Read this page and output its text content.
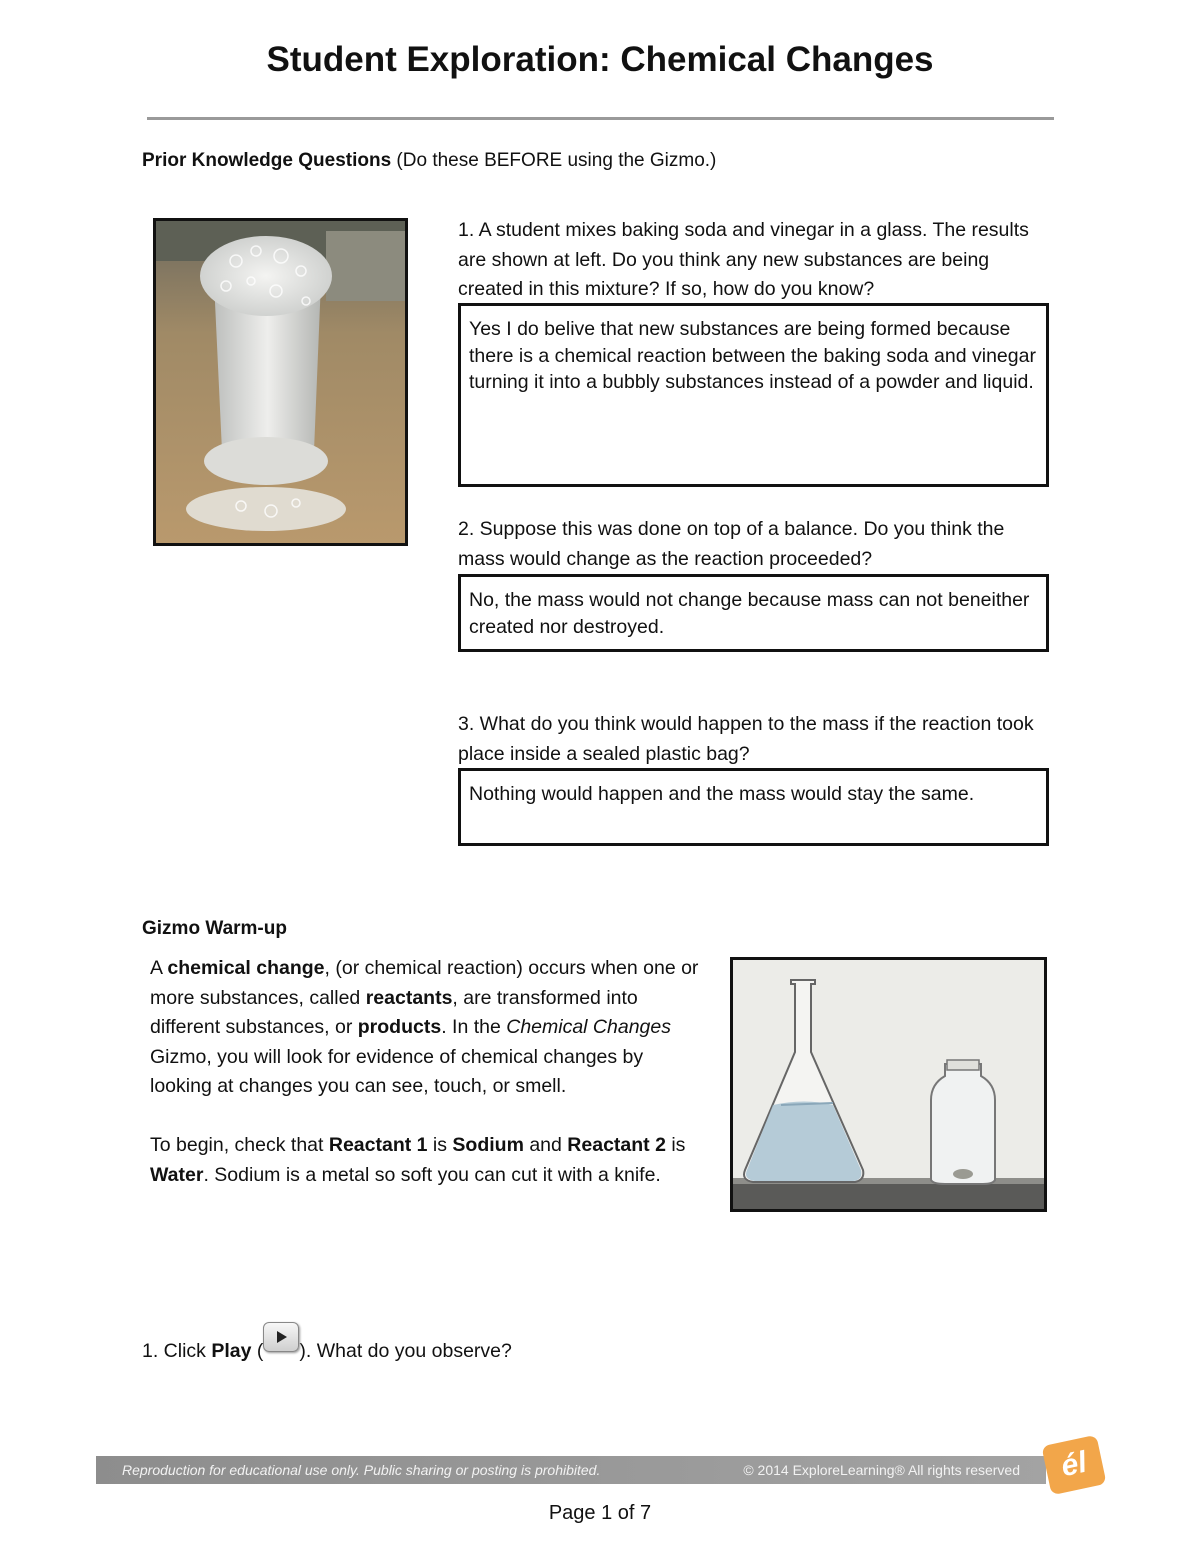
Student Exploration: Chemical Changes
Prior Knowledge Questions (Do these BEFORE using the Gizmo.)
1. A student mixes baking soda and vinegar in a glass. The results are shown at left. Do you think any new substances are being created in this mixture? If so, how do you know?
Yes I do belive that new substances are being formed because there is a chemical reaction between the baking soda and vinegar turning it into a bubbly substances instead of a powder and liquid.
2. Suppose this was done on top of a balance. Do you think the mass would change as the reaction proceeded?
No, the mass would not change because mass can not beneither created nor destroyed.
3. What do you think would happen to the mass if the reaction took place inside a sealed plastic bag?
Nothing would happen and the mass would stay the same.
Gizmo Warm-up

A chemical change, (or chemical reaction) occurs when one or more substances, called reactants, are transformed into different substances, or products. In the Chemical Changes Gizmo, you will look for evidence of chemical changes by looking at changes you can see, touch, or smell.

To begin, check that Reactant 1 is Sodium and Reactant 2 is Water. Sodium is a metal so soft you can cut it with a knife.

1. Click Play ( ). What do you observe?
Reproduction for educational use only. Public sharing or posting is prohibited.	© 2014 ExploreLearning® All rights reserved	él
Page 1 of 7
